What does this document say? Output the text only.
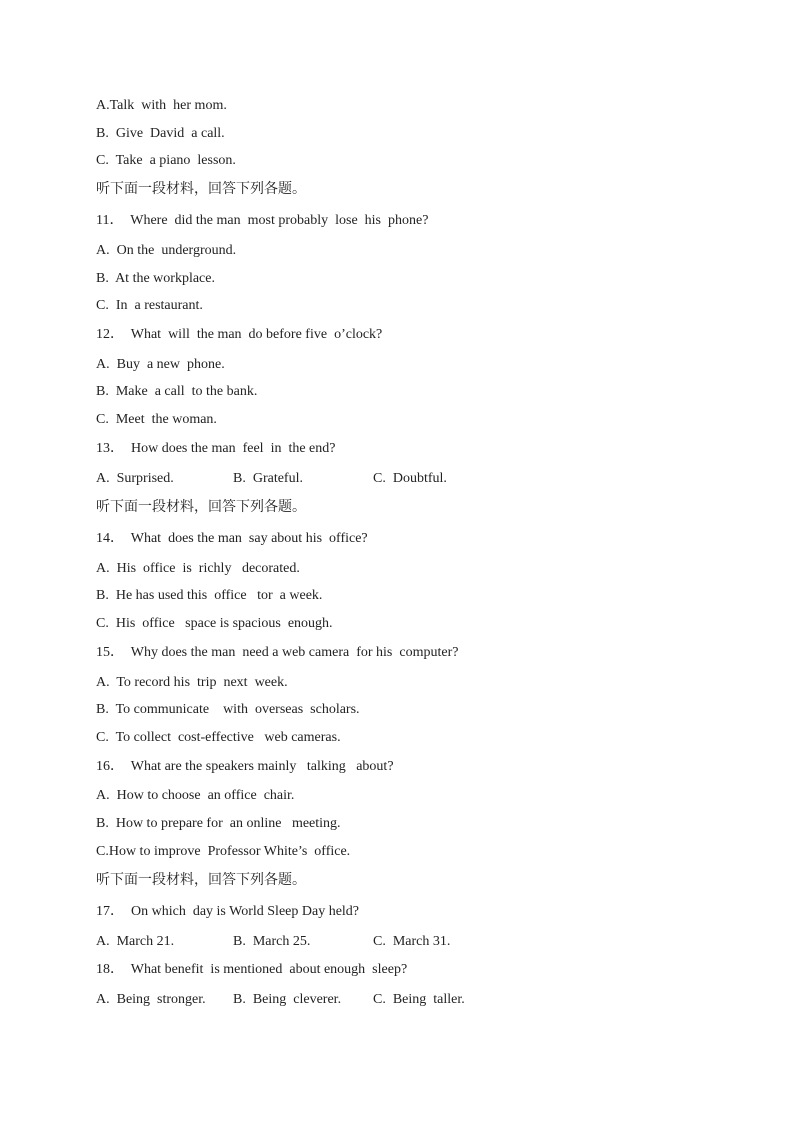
A.Talk  with  her mom.
B.  Give  David  a call.
C.  Take  a piano  lesson.
听下面一段材料，回答下列各题。
11．  Where  did the man  most probably  lose  his  phone?
A.  On the  underground.
B.  At the workplace.
C.  In  a restaurant.
12．  What  will  the man  do before five  o’clock?
A.  Buy  a new  phone.
B.  Make  a call  to the bank.
C.  Meet  the woman.
13．  How does the man  feel  in  the end?

A.  Surprised.

	B.  Grateful.

	C.  Doubtful.

听下面一段材料，回答下列各题。
14．  What  does the man  say about his  office?
A.  His  office  is  richly   decorated.
B.  He has used this  office   tor  a week.
C.  His  office   space is spacious  enough.
15．  Why does the man  need a web camera  for his  computer?
A.  To record his  trip  next  week.
B.  To communicate    with  overseas  scholars.
C.  To collect  cost-effective   web cameras.
16．  What are the speakers mainly   talking   about?
A.  How to choose  an office  chair.
B.  How to prepare for  an online   meeting.
C.How to improve  Professor White’s  office.
听下面一段材料，回答下列各题。
17．  On which  day is World Sleep Day held?

A.  March 21.

	B.  March 25.

	C.  March 31.

18．  What benefit  is mentioned  about enough  sleep?

A.  Being  stronger.

B.  Being  cleverer.

C.  Being  taller.
